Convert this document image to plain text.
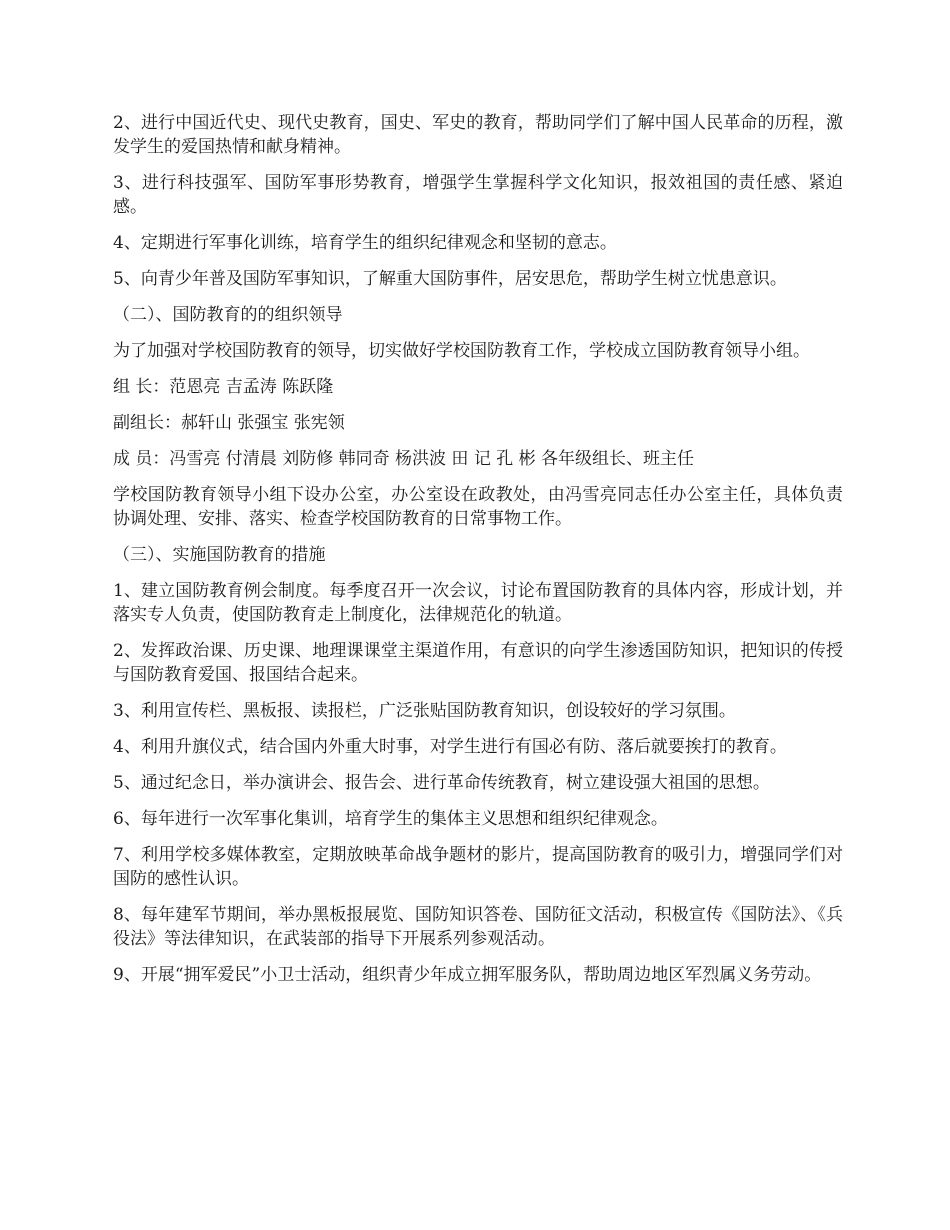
2、进行中国近代史、现代史教育，国史、军史的教育，帮助同学们了解中国人民革命的历程，激发学生的爱国热情和献身精神。

3、进行科技强军、国防军事形势教育，增强学生掌握科学文化知识，报效祖国的责任感、紧迫感。

4、定期进行军事化训练，培育学生的组织纪律观念和坚韧的意志。

5、向青少年普及国防军事知识，了解重大国防事件，居安思危，帮助学生树立忧患意识。

（二）、国防教育的的组织领导

为了加强对学校国防教育的领导，切实做好学校国防教育工作，学校成立国防教育领导小组。

组 长：范恩亮 吉孟涛 陈跃隆

副组长：郝轩山 张强宝 张宪领

成 员：冯雪亮 付清晨 刘防修 韩同奇 杨洪波 田 记 孔 彬 各年级组长、班主任

学校国防教育领导小组下设办公室，办公室设在政教处，由冯雪亮同志任办公室主任，具体负责协调处理、安排、落实、检查学校国防教育的日常事物工作。

（三）、实施国防教育的措施

1、建立国防教育例会制度。每季度召开一次会议，讨论布置国防教育的具体内容，形成计划，并落实专人负责，使国防教育走上制度化，法律规范化的轨道。

2、发挥政治课、历史课、地理课课堂主渠道作用，有意识的向学生渗透国防知识，把知识的传授与国防教育爱国、报国结合起来。

3、利用宣传栏、黑板报、读报栏，广泛张贴国防教育知识，创设较好的学习氛围。

4、利用升旗仪式，结合国内外重大时事，对学生进行有国必有防、落后就要挨打的教育。

5、通过纪念日，举办演讲会、报告会、进行革命传统教育，树立建设强大祖国的思想。

6、每年进行一次军事化集训，培育学生的集体主义思想和组织纪律观念。

7、利用学校多媒体教室，定期放映革命战争题材的影片，提高国防教育的吸引力，增强同学们对国防的感性认识。

8、每年建军节期间，举办黑板报展览、国防知识答卷、国防征文活动，积极宣传《国防法》、《兵役法》等法律知识，在武装部的指导下开展系列参观活动。

9、开展“拥军爱民”小卫士活动，组织青少年成立拥军服务队，帮助周边地区军烈属义务劳动。
